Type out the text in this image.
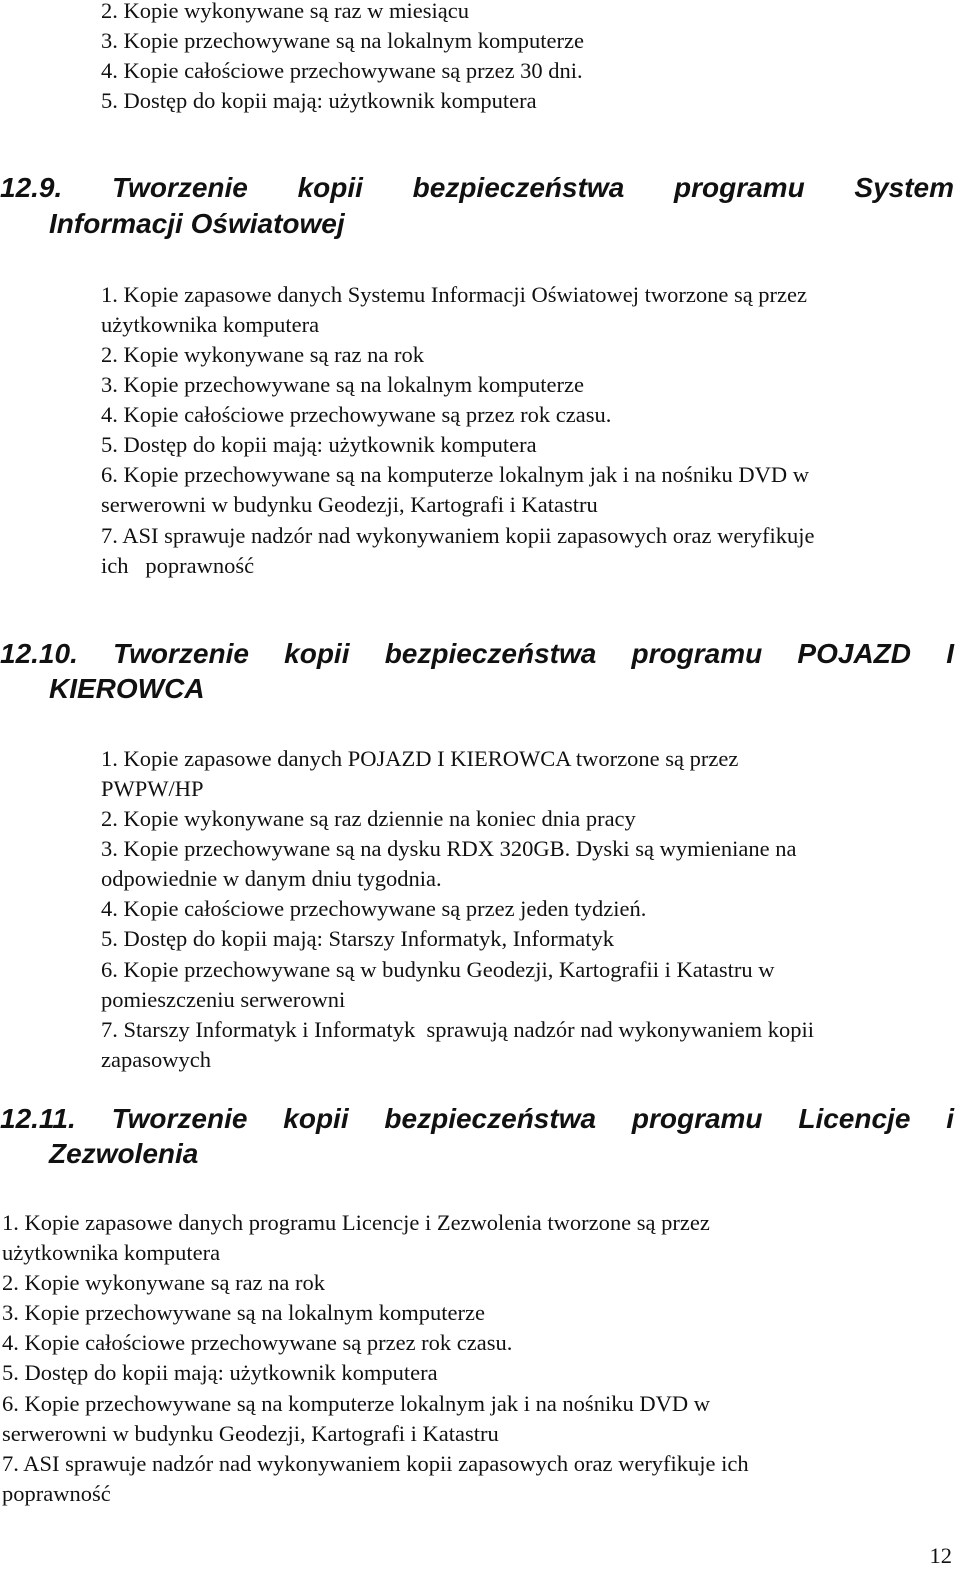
2. Kopie wykonywane są raz w miesiącu
3. Kopie przechowywane są na lokalnym komputerze
4. Kopie całościowe przechowywane są przez 30 dni.
5. Dostęp do kopii mają: użytkownik komputera
12.9. Tworzenie kopii bezpieczeństwa programu System
Informacji Oświatowej
1. Kopie zapasowe danych Systemu Informacji Oświatowej tworzone są przez
użytkownika komputera
2. Kopie wykonywane są raz na rok
3. Kopie przechowywane są na lokalnym komputerze
4. Kopie całościowe przechowywane są przez rok czasu.
5. Dostęp do kopii mają: użytkownik komputera
6. Kopie przechowywane są na komputerze lokalnym jak i na nośniku DVD w
serwerowni w budynku Geodezji, Kartografi i Katastru
7. ASI sprawuje nadzór nad wykonywaniem kopii zapasowych oraz weryfikuje
ich   poprawność
12.10. Tworzenie kopii bezpieczeństwa programu POJAZD I
KIEROWCA
1. Kopie zapasowe danych POJAZD I KIEROWCA tworzone są przez
PWPW/HP
2. Kopie wykonywane są raz dziennie na koniec dnia pracy
3. Kopie przechowywane są na dysku RDX 320GB. Dyski są wymieniane na
odpowiednie w danym dniu tygodnia.
4. Kopie całościowe przechowywane są przez jeden tydzień.
5. Dostęp do kopii mają: Starszy Informatyk, Informatyk
6. Kopie przechowywane są w budynku Geodezji, Kartografii i Katastru w
pomieszczeniu serwerowni
7. Starszy Informatyk i Informatyk  sprawują nadzór nad wykonywaniem kopii
zapasowych
12.11. Tworzenie kopii bezpieczeństwa programu Licencje i
Zezwolenia
1. Kopie zapasowe danych programu Licencje i Zezwolenia tworzone są przez
użytkownika komputera
2. Kopie wykonywane są raz na rok
3. Kopie przechowywane są na lokalnym komputerze
4. Kopie całościowe przechowywane są przez rok czasu.
5. Dostęp do kopii mają: użytkownik komputera
6. Kopie przechowywane są na komputerze lokalnym jak i na nośniku DVD w
serwerowni w budynku Geodezji, Kartografi i Katastru
7. ASI sprawuje nadzór nad wykonywaniem kopii zapasowych oraz weryfikuje ich
poprawność
12
